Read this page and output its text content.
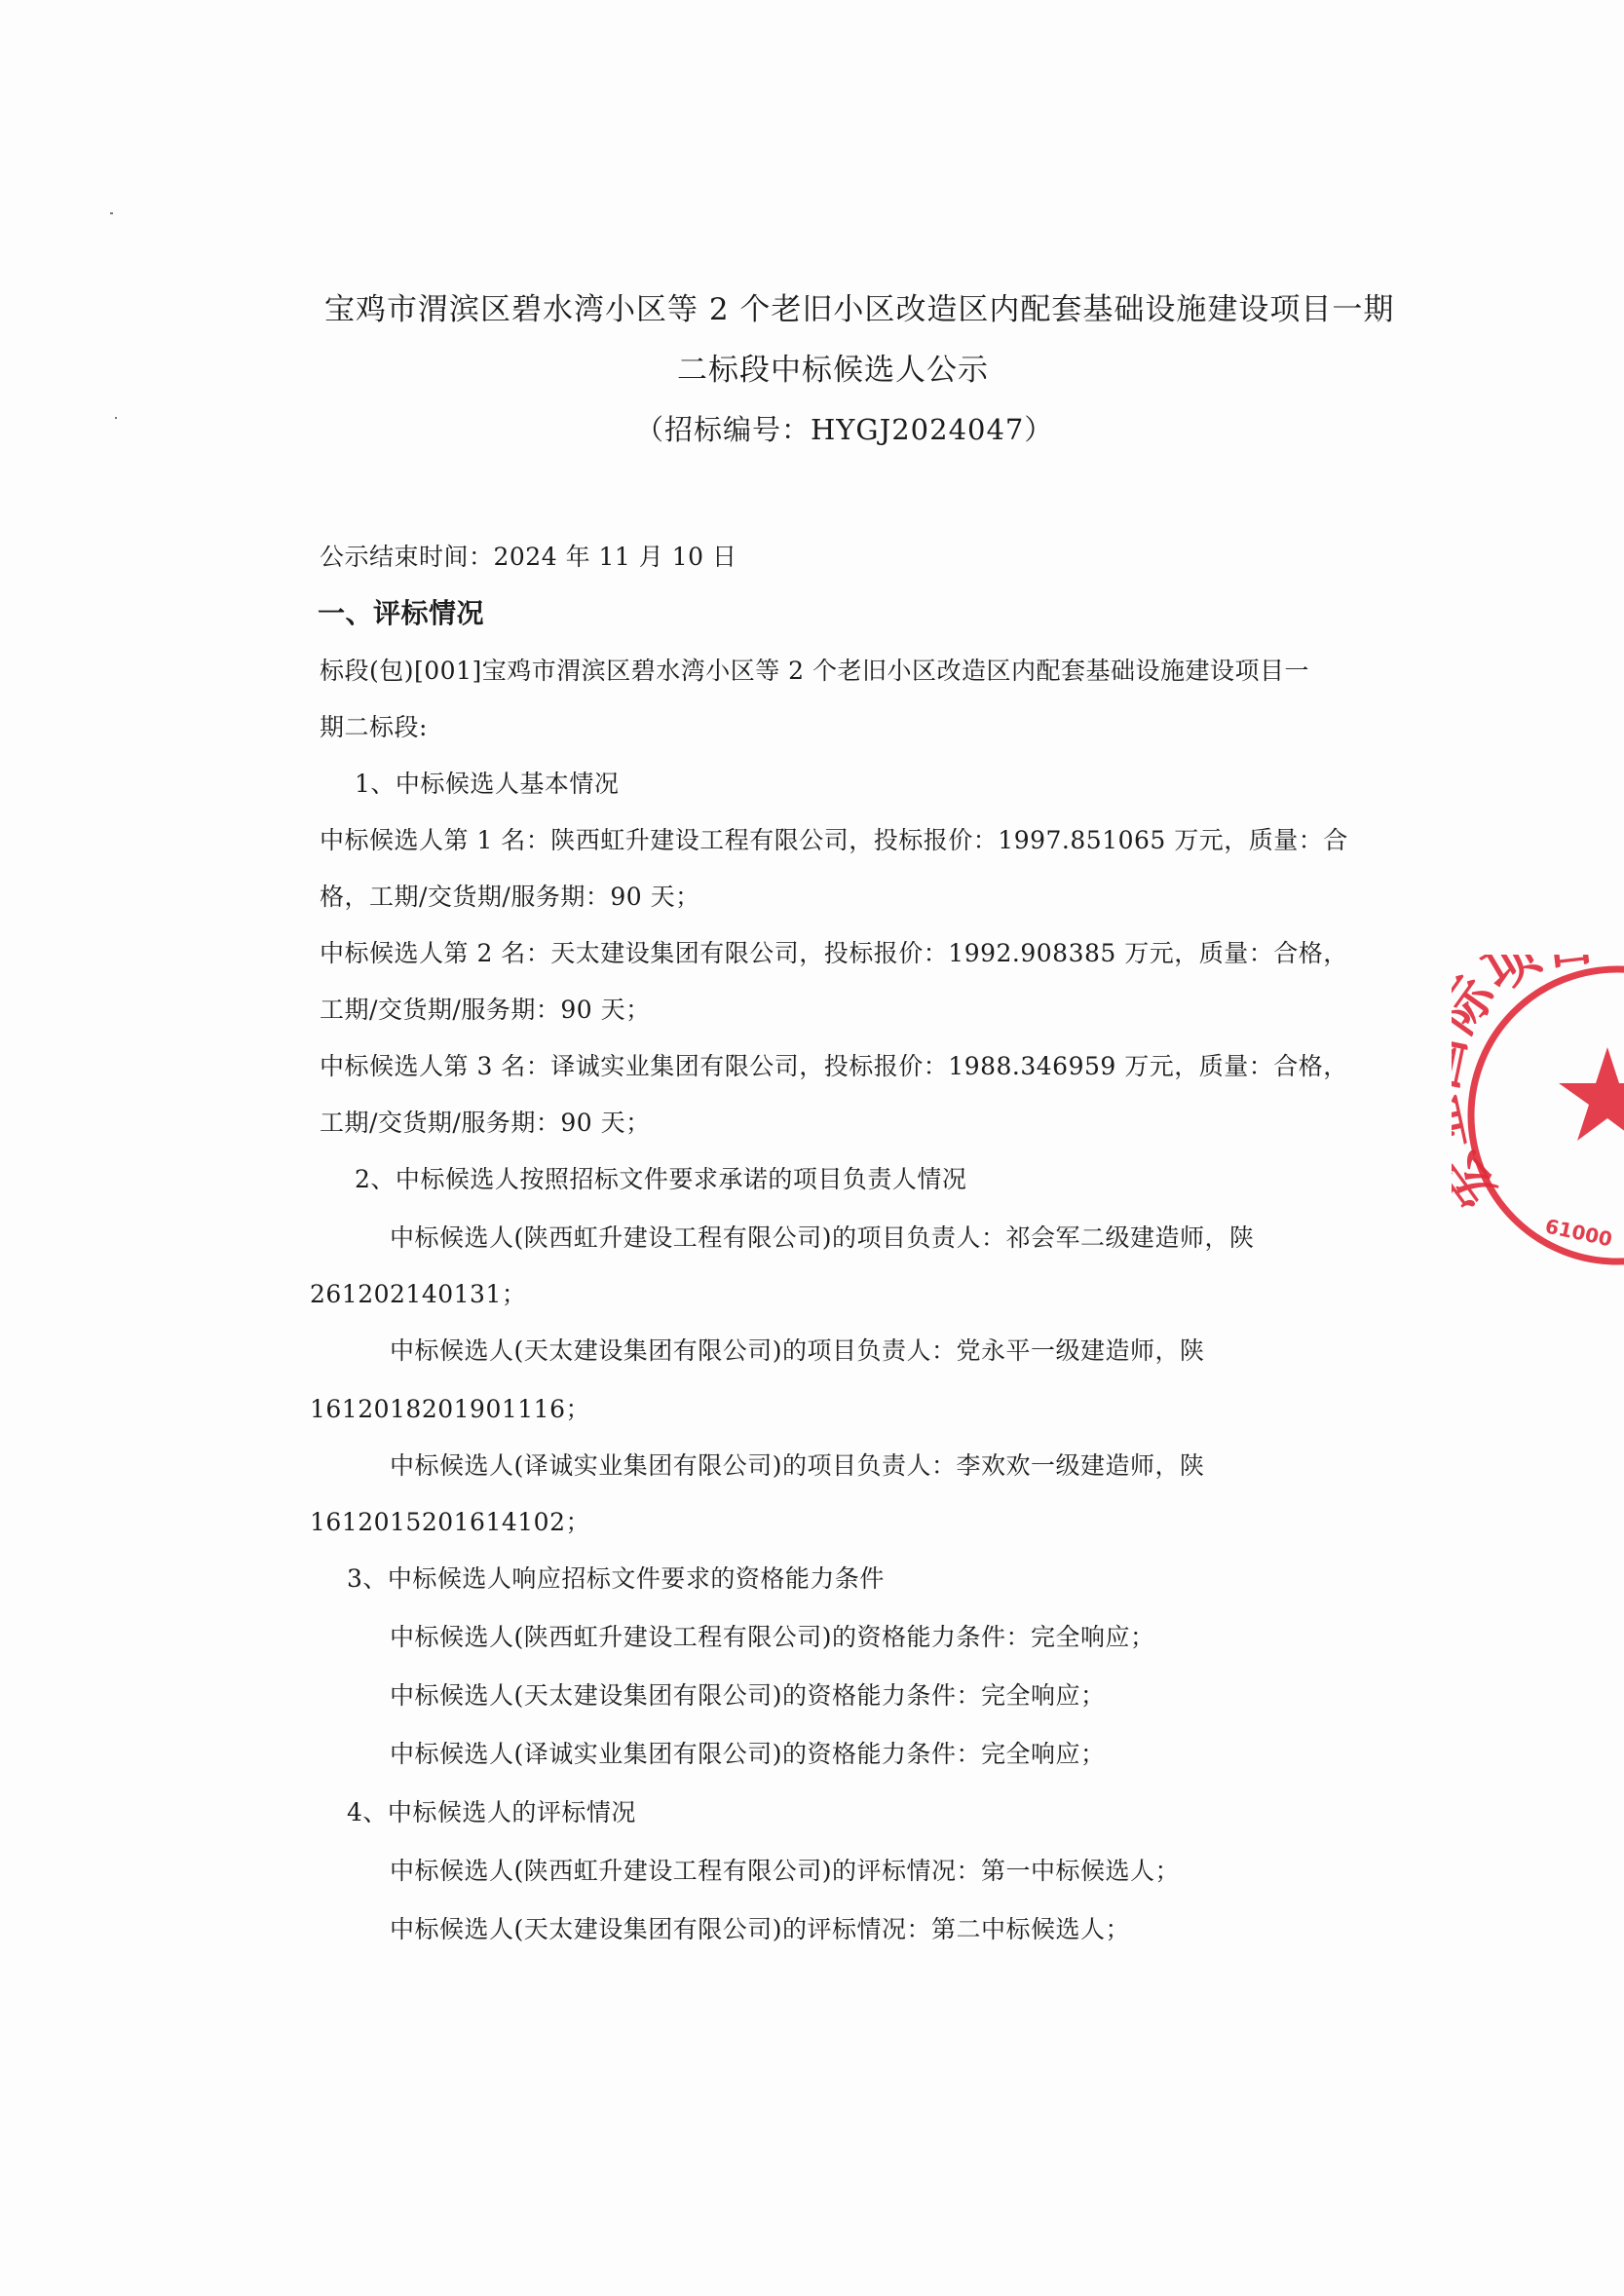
宝鸡市渭滨区碧水湾小区等 2 个老旧小区改造区内配套基础设施建设项目一期
二标段中标候选人公示
（招标编号：HYGJ2024047）
公示结束时间：2024 年 11 月 10 日
一、评标情况
标段(包)[001]宝鸡市渭滨区碧水湾小区等 2 个老旧小区改造区内配套基础设施建设项目一
期二标段:
1、中标候选人基本情况
中标候选人第 1 名：陕西虹升建设工程有限公司，投标报价：1997.851065 万元，质量：合
格，工期/交货期/服务期：90 天；
中标候选人第 2 名：天太建设集团有限公司，投标报价：1992.908385 万元，质量：合格，
工期/交货期/服务期：90 天；
中标候选人第 3 名：译诚实业集团有限公司，投标报价：1988.346959 万元，质量：合格，
工期/交货期/服务期：90 天；
2、中标候选人按照招标文件要求承诺的项目负责人情况
中标候选人(陕西虹升建设工程有限公司)的项目负责人：祁会军二级建造师，陕
261202140131；
中标候选人(天太建设集团有限公司)的项目负责人：党永平一级建造师，陕
1612018201901116；
中标候选人(译诚实业集团有限公司)的项目负责人：李欢欢一级建造师，陕
1612015201614102；
3、中标候选人响应招标文件要求的资格能力条件
中标候选人(陕西虹升建设工程有限公司)的资格能力条件：完全响应；
中标候选人(天太建设集团有限公司)的资格能力条件：完全响应；
中标候选人(译诚实业集团有限公司)的资格能力条件：完全响应；
4、中标候选人的评标情况
中标候选人(陕西虹升建设工程有限公司)的评标情况：第一中标候选人；
中标候选人(天太建设集团有限公司)的评标情况：第二中标候选人；
项
61000
